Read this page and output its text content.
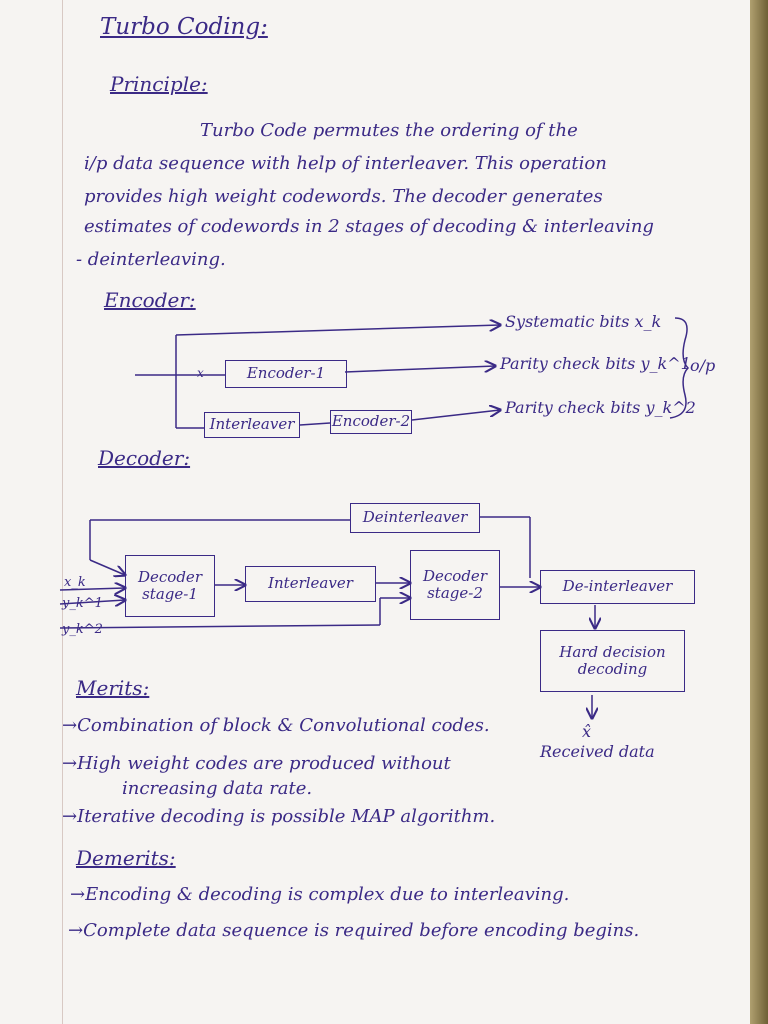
Turbo Coding:
Principle:
Turbo Code permutes the ordering of the
i/p data sequence with help of interleaver. This operation
provides high weight codewords. The decoder generates
estimates of codewords in 2 stages of decoding & interleaving
- deinterleaving.
Encoder:
Encoder-1
Interleaver	Encoder-2
x
Systematic bits x_k
Parity check bits y_k^1
Parity check bits y_k^2
o/p
Decoder:
Deinterleaver
Decoder stage-1
Interleaver	Decoder stage-2	De-interleaver
Hard decision decoding
x_k
y_k^1
y_k^2
x̂
Received data
Merits:
→Combination of block & Convolutional codes.
→High weight codes are produced without
increasing data rate.
→Iterative decoding is possible MAP algorithm.
Demerits:
→Encoding & decoding is complex due to interleaving.
→Complete data sequence is required before encoding begins.
